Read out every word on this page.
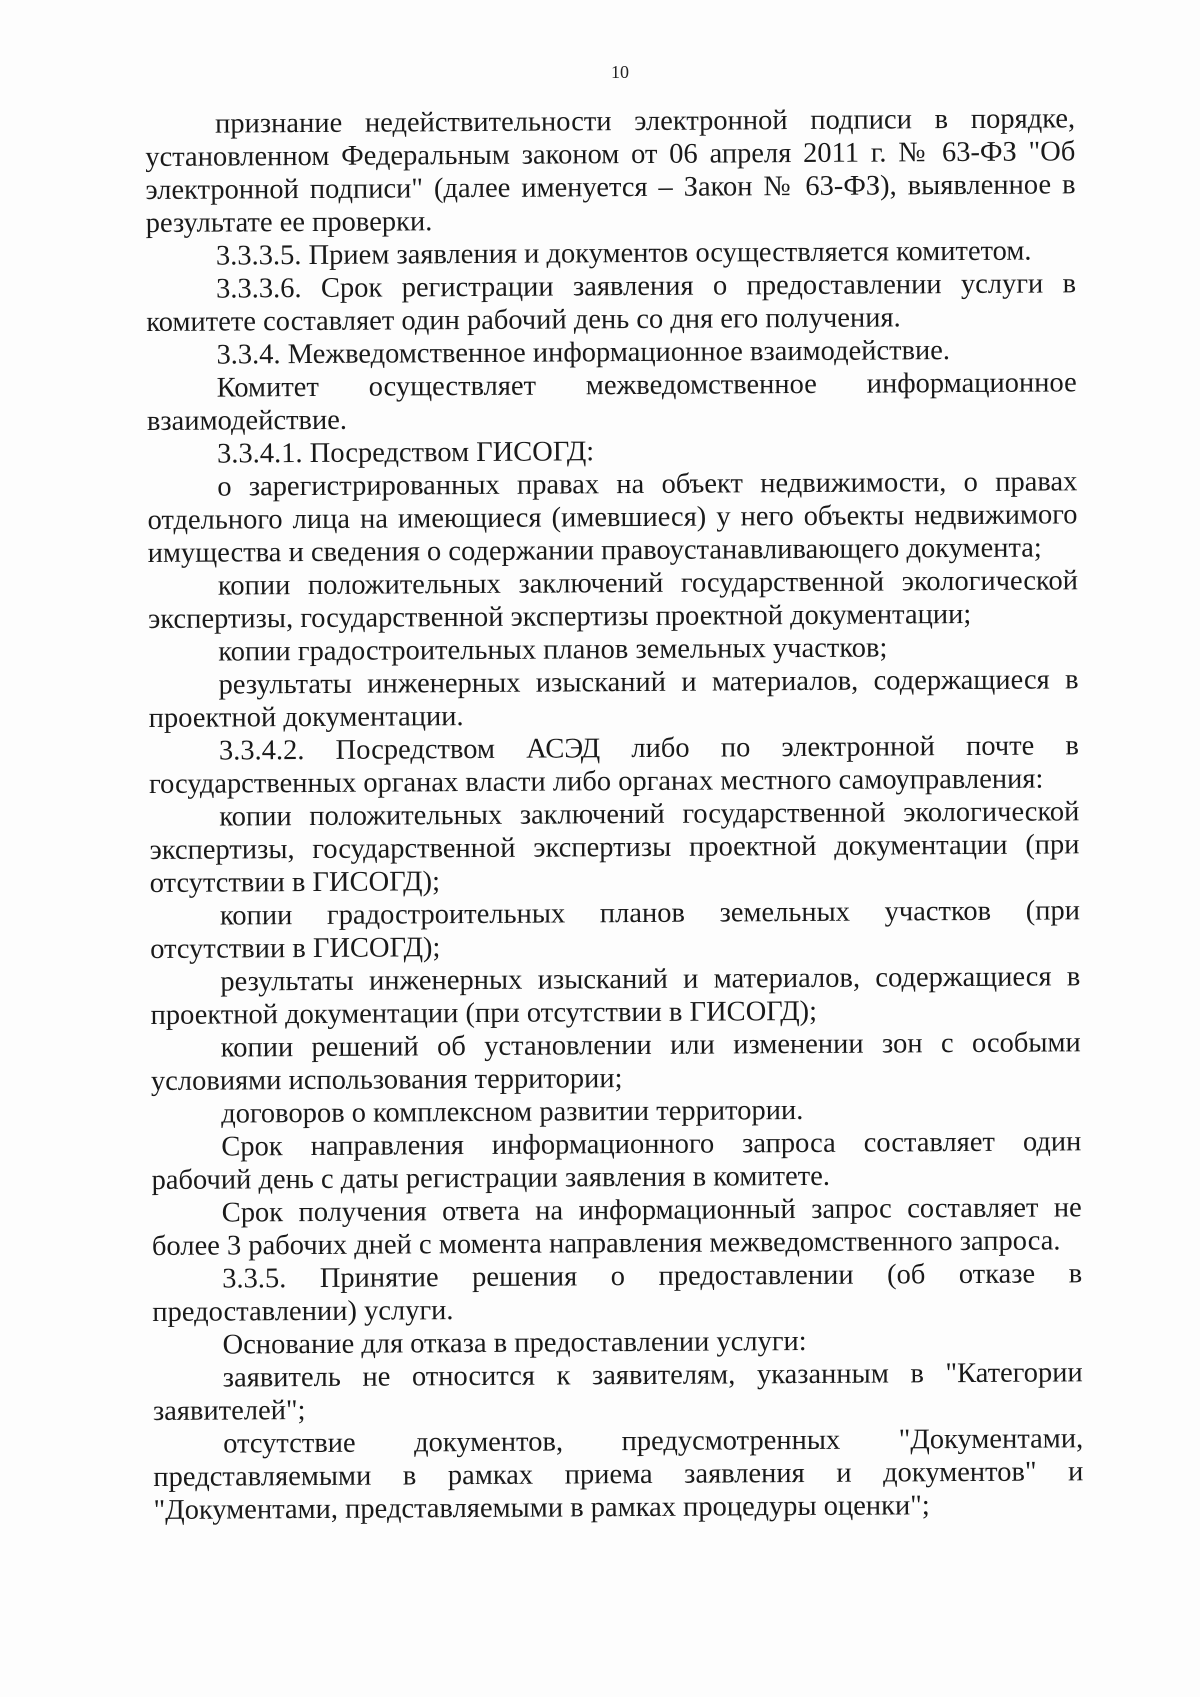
10

признание недействительности электронной подписи в порядке, установленном Федеральным законом от 06 апреля 2011 г. № 63-ФЗ "Об электронной подписи" (далее именуется – Закон № 63-ФЗ), выявленное в результате ее проверки.

3.3.3.5. Прием заявления и документов осуществляется комитетом.

3.3.3.6. Срок регистрации заявления о предоставлении услуги в комитете составляет один рабочий день со дня его получения.

3.3.4. Межведомственное информационное взаимодействие.

Комитет осуществляет межведомственное информационное взаимодействие.

3.3.4.1. Посредством ГИСОГД:

о зарегистрированных правах на объект недвижимости, о правах отдельного лица на имеющиеся (имевшиеся) у него объекты недвижимого имущества и сведения о содержании правоустанавливающего документа;

копии положительных заключений государственной экологической экспертизы, государственной экспертизы проектной документации;

копии градостроительных планов земельных участков;

результаты инженерных изысканий и материалов, содержащиеся в проектной документации.

3.3.4.2. Посредством АСЭД либо по электронной почте в государственных органах власти либо органах местного самоуправления:

копии положительных заключений государственной экологической экспертизы, государственной экспертизы проектной документации (при отсутствии в ГИСОГД);

копии градостроительных планов земельных участков (при отсутствии в ГИСОГД);

результаты инженерных изысканий и материалов, содержащиеся в проектной документации (при отсутствии в ГИСОГД);

копии решений об установлении или изменении зон с особыми условиями использования территории;

договоров о комплексном развитии территории.

Срок направления информационного запроса составляет один рабочий день с даты регистрации заявления в комитете.

Срок получения ответа на информационный запрос составляет не более 3 рабочих дней с момента направления межведомственного запроса.

3.3.5. Принятие решения о предоставлении (об отказе в предоставлении) услуги.

Основание для отказа в предоставлении услуги:

заявитель не относится к заявителям, указанным в "Категории заявителей";

отсутствие документов, предусмотренных "Документами, представляемыми в рамках приема заявления и документов" и "Документами, представляемыми в рамках процедуры оценки";
